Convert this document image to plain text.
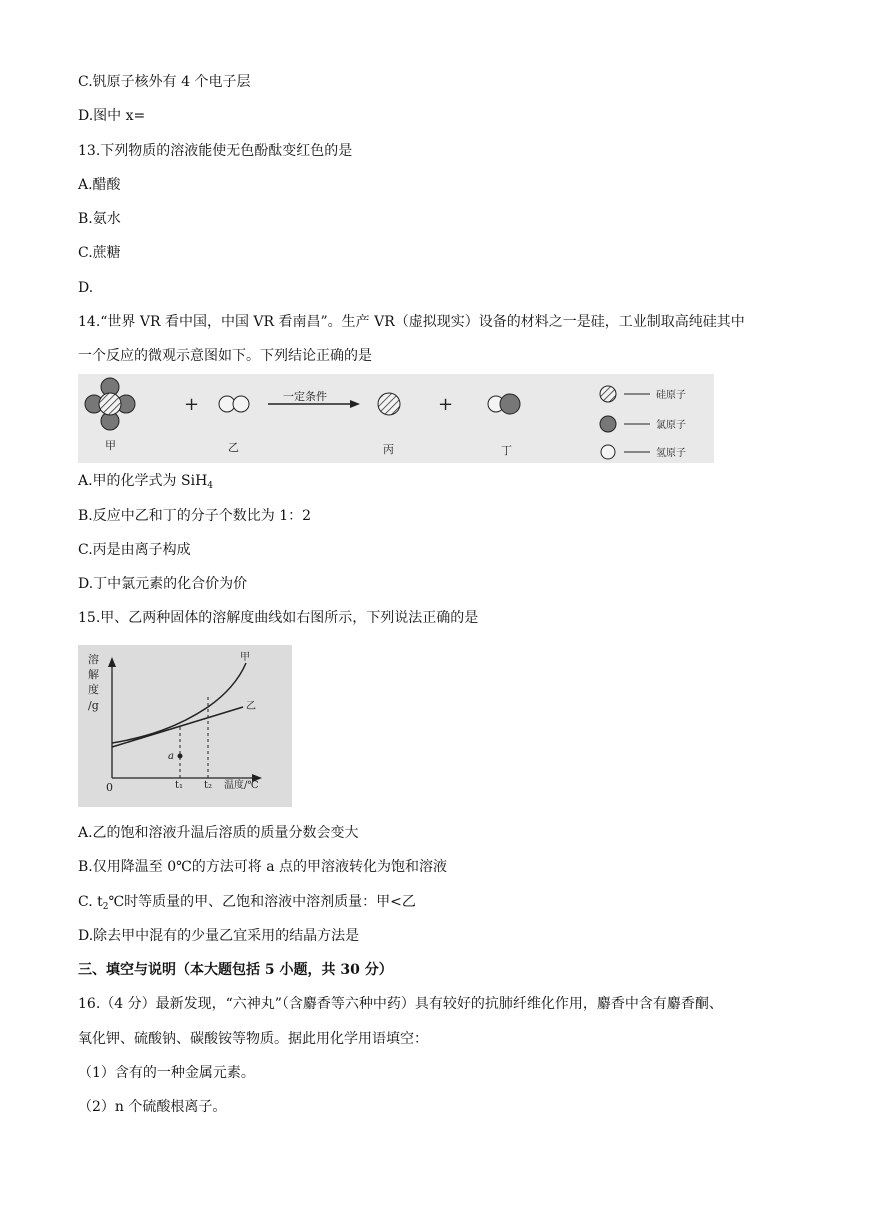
C.钒原子核外有 4 个电子层
D.图中 x=
13.下列物质的溶液能使无色酚酞变红色的是
A.醋酸
B.氨水
C.蔗糖
D.
14.“世界 VR 看中国，中国 VR 看南昌”。生产 VR（虚拟现实）设备的材料之一是硅，工业制取高纯硅其中
一个反应的微观示意图如下。下列结论正确的是
+	一定条件	+
甲	乙	丙	丁
硅原子
氯原子
氢原子
A.甲的化学式为 SiH$_4$
B.反应中乙和丁的分子个数比为 1：2
C.丙是由离子构成
D.丁中氯元素的化合价为价
15.甲、乙两种固体的溶解度曲线如右图所示，下列说法正确的是
溶
解
度
/g
a
甲
乙
0	t₁ t₂ 温度/℃
A.乙的饱和溶液升温后溶质的质量分数会变大
B.仅用降温至 0℃的方法可将 a 点的甲溶液转化为饱和溶液
C. $t_2℃$时等质量的甲、乙饱和溶液中溶剂质量：甲<乙
D.除去甲中混有的少量乙宜采用的结晶方法是
三、填空与说明（本大题包括 5 小题，共 30 分）
16.（4 分）最新发现，“六神丸”（含麝香等六种中药）具有较好的抗肺纤维化作用，麝香中含有麝香酮、
氧化钾、硫酸钠、碳酸铵等物质。据此用化学用语填空：
（1）含有的一种金属元素。
（2）n 个硫酸根离子。
